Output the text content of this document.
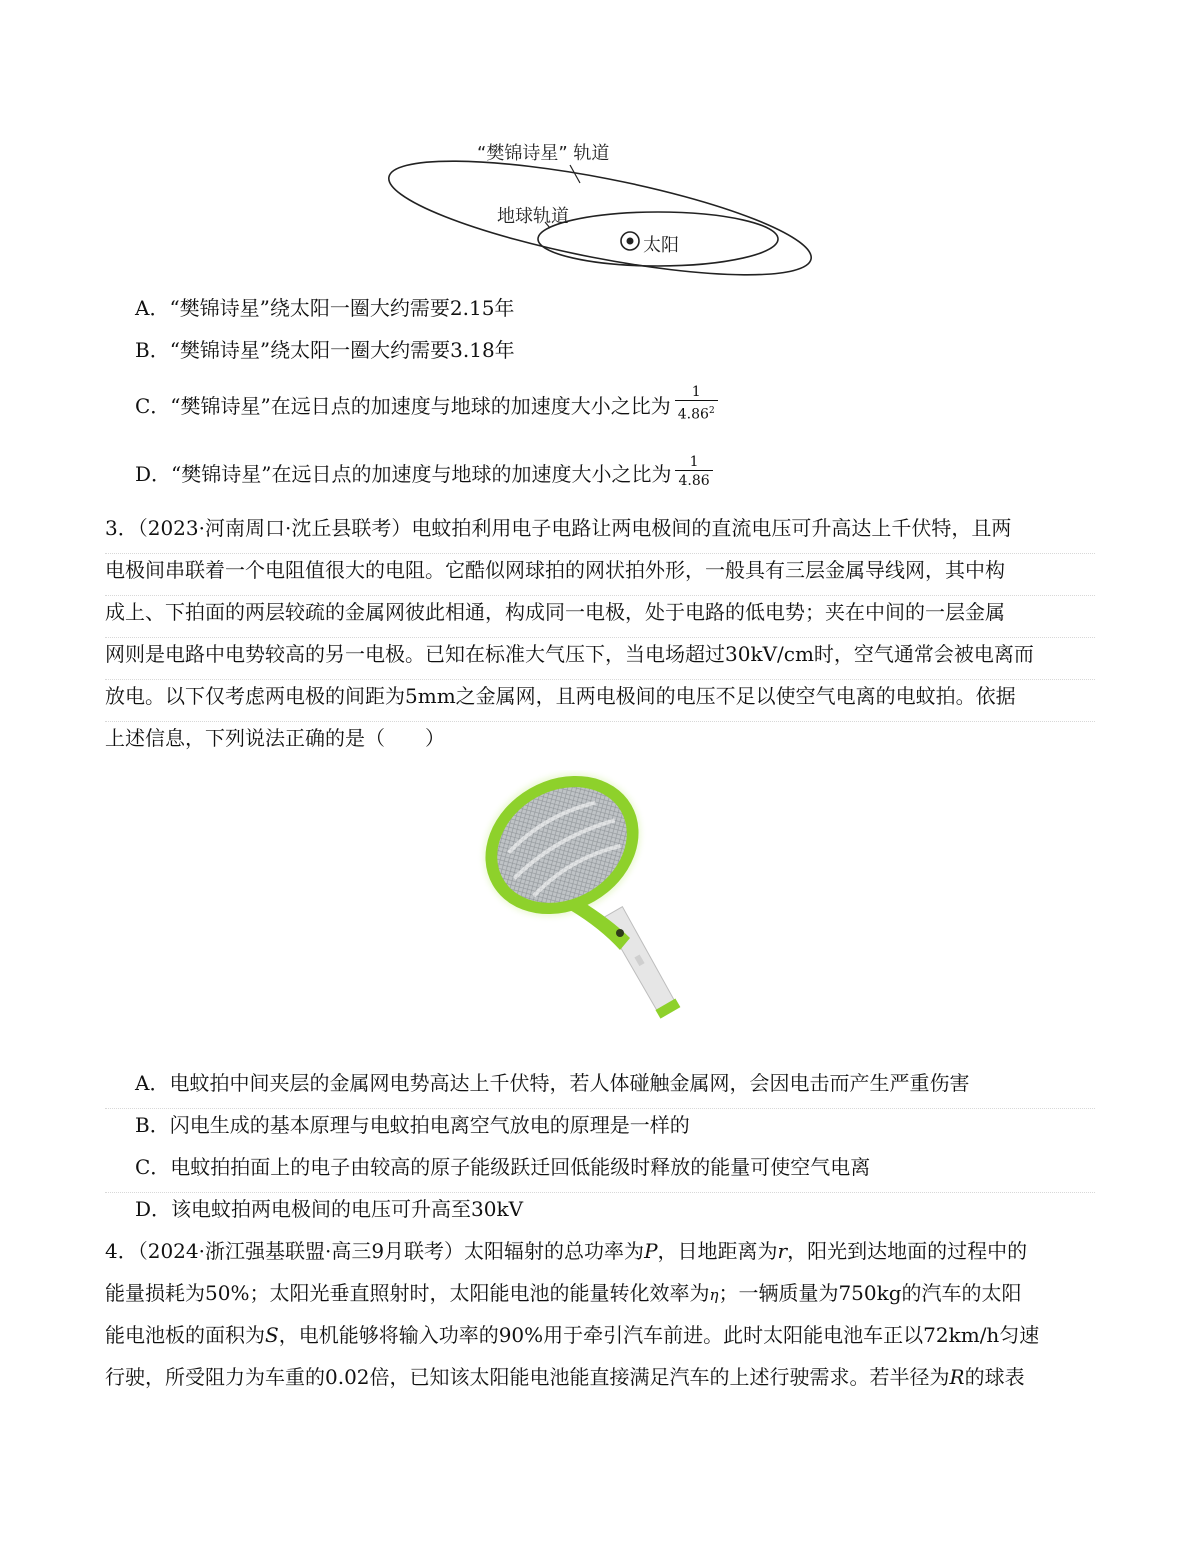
“樊锦诗星” 轨道
地球轨道
太阳
A．“樊锦诗星”绕太阳一圈大约需要2.15年
B．“樊锦诗星”绕太阳一圈大约需要3.18年
C．“樊锦诗星”在远日点的加速度与地球的加速度大小之比为 $\frac{1}{4.86^2}$
D．“樊锦诗星”在远日点的加速度与地球的加速度大小之比为 $\frac{1}{4.86}$
3．（2023·河南周口·沈丘县联考）电蚊拍利用电子电路让两电极间的直流电压可升高达上千伏特，且两
电极间串联着一个电阻值很大的电阻。它酷似网球拍的网状拍外形，一般具有三层金属导线网，其中构
成上、下拍面的两层较疏的金属网彼此相通，构成同一电极，处于电路的低电势；夹在中间的一层金属
网则是电路中电势较高的另一电极。已知在标准大气压下，当电场超过30kV/cm时，空气通常会被电离而
放电。以下仅考虑两电极的间距为5mm之金属网，且两电极间的电压不足以使空气电离的电蚊拍。依据
上述信息，下列说法正确的是（　　）
A．电蚊拍中间夹层的金属网电势高达上千伏特，若人体碰触金属网，会因电击而产生严重伤害
B．闪电生成的基本原理与电蚊拍电离空气放电的原理是一样的
C．电蚊拍拍面上的电子由较高的原子能级跃迁回低能级时释放的能量可使空气电离
D．该电蚊拍两电极间的电压可升高至30kV
4．（2024·浙江强基联盟·高三9月联考）太阳辐射的总功率为P，日地距离为r，阳光到达地面的过程中的
能量损耗为50%；太阳光垂直照射时，太阳能电池的能量转化效率为η；一辆质量为750kg的汽车的太阳
能电池板的面积为S，电机能够将输入功率的90%用于牵引汽车前进。此时太阳能电池车正以72km/h匀速
行驶，所受阻力为车重的0.02倍，已知该太阳能电池能直接满足汽车的上述行驶需求。若半径为R的球表
